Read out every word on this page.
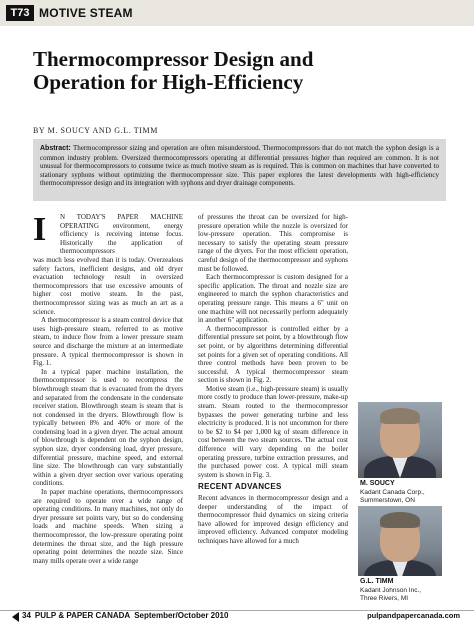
T73 MOTIVE STEAM
Thermocompressor Design and Operation for High-Efficiency
BY M. SOUCY AND G.L. TIMM
Abstract: Thermocompressor sizing and operation are often misunderstood. Thermocompressors that do not match the syphon design is a common industry problem. Oversized thermocompressors operating at differential pressures higher than required are common. It is not unusual for thermocompressors to consume twice as much motive steam as is required. This is common on machines that have converted to stationary syphons without optimizing the thermocompressor size. This paper explores the latest developments with high-efficiency thermocompressor design and its integration with syphons and dryer drainage components.
I	N TODAY'S PAPER MACHINE OPERATING environment, energy efficiency is receiving intense focus. Historically the application of thermocompressors

was much less evolved than it is today. Overzealous safety factors, inefficient designs, and old dryer evacuation technology result in oversized thermocompressors that use excessive amounts of higher cost motive steam. In the past, thermocompressor sizing was as much an art as a science.

A thermocompressor is a steam control device that uses high-pressure steam, referred to as motive steam, to induce flow from a lower pressure steam source and discharge the mixture at an intermediate pressure. A typical thermocompressor is shown in Fig. 1.

In a typical paper machine installation, the thermocompressor is used to recompress the blowthrough steam that is evacuated from the dryers and separated from the condensate in the condensate receiver station. Blowthrough steam is steam that is not condensed in the dryers. Blowthrough flow is typically between 8% and 40% or more of the condensing load in a given dryer. The actual amount of blowthrough is dependent on the syphon design, syphon size, dryer condensing load, dryer pressure, differential pressure, machine speed, and external line size. The blowthrough can vary substantially within a given dryer section over various operating conditions.

In paper machine operations, thermocompressors are required to operate over a wide range of operating conditions. In many machines, not only do dryer pressure set points vary, but so do condensing loads and machine speeds. When sizing a thermocompressor, the low-pressure operating point determines the throat size, and the high pressure operating point determines the nozzle size. Since many mills operate over a wide range

of pressures the throat can be oversized for high-pressure operation while the nozzle is oversized for low-pressure operation. This compromise is necessary to satisfy the operating steam pressure range of the dryers. For the most efficient operation, careful design of the thermocompressor and syphons must be followed.

Each thermocompressor is custom designed for a specific application. The throat and nozzle size are engineered to match the syphon characteristics and operating pressure range. This means a 6" unit on one machine will not necessarily perform adequately in another 6" application.

A thermocompressor is controlled either by a differential pressure set point, by a blowthrough flow set point, or by algorithms determining differential set points for a given set of operating conditions. All three control methods have been proven to be successful. A typical thermocompressor steam section is shown in Fig. 2.

Motive steam (i.e., high-pressure steam) is usually more costly to produce than lower-pressure, make-up steam. Steam routed to the thermocompressor bypasses the power generating turbine and less electricity is produced. It is not uncommon for there to be $2 to $4 per 1,000 kg of steam difference in cost between the two steam sources. The actual cost difference will vary depending on the boiler operating pressure, turbine extraction pressures, and the purchased power cost. A typical mill steam system is shown in Fig. 3.

RECENT ADVANCES

Recent advances in thermocompressor design and a deeper understanding of the impact of thermocompressor fluid dynamics on sizing criteria have allowed for improved design efficiency and improved efficiency. Advanced computer modeling techniques have allowed for a much

M. SOUCY
Kadant Canada Corp.,
Summerstown, ON
G.L. TIMM
Kadant Johnson Inc.,
Three Rivers, MI
34 PULP & PAPER CANADA September/October 2010	pulpandpapercanada.com
